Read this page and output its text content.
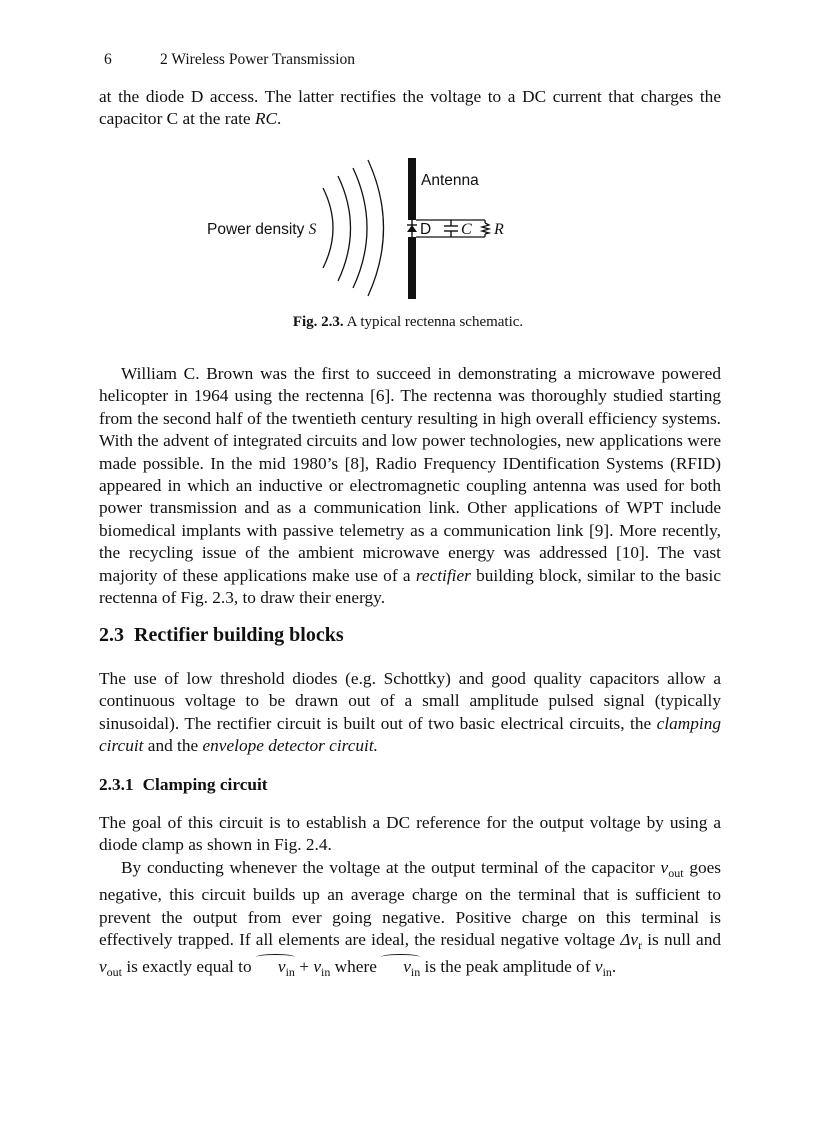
6	2 Wireless Power Transmission

at the diode D access. The latter rectifies the voltage to a DC current that charges the capacitor C at the rate RC.

Antenna
Power density S	D C R
Fig. 2.3. A typical rectenna schematic.

William C. Brown was the first to succeed in demonstrating a microwave powered helicopter in 1964 using the rectenna [6]. The rectenna was thoroughly studied starting from the second half of the twentieth century resulting in high overall efficiency systems. With the advent of integrated circuits and low power technologies, new applications were made possible. In the mid 1980’s [8], Radio Frequency IDentification Systems (RFID) appeared in which an inductive or electromagnetic coupling antenna was used for both power transmission and as a communication link. Other applications of WPT include biomedical implants with passive telemetry as a communication link [9]. More recently, the recycling issue of the ambient microwave energy was addressed [10]. The vast majority of these applications make use of a rectifier building block, similar to the basic rectenna of Fig. 2.3, to draw their energy.

2.3 Rectifier building blocks

The use of low threshold diodes (e.g. Schottky) and good quality capacitors allow a continuous voltage to be drawn out of a small amplitude pulsed signal (typically sinusoidal). The rectifier circuit is built out of two basic electrical circuits, the clamping circuit and the envelope detector circuit.

2.3.1 Clamping circuit

The goal of this circuit is to establish a DC reference for the output voltage by using a diode clamp as shown in Fig. 2.4.

By conducting whenever the voltage at the output terminal of the capacitor $v_{out}$ goes negative, this circuit builds up an average charge on the terminal that is sufficient to prevent the output from ever going negative. Positive charge on this terminal is effectively trapped. If all elements are ideal, the residual negative voltage $\Delta v_r$ is null and $v_{out}$ is exactly equal to $v_{in} + v_{in}$ where $v_{in}$ is the peak amplitude of $v_{in}$.
